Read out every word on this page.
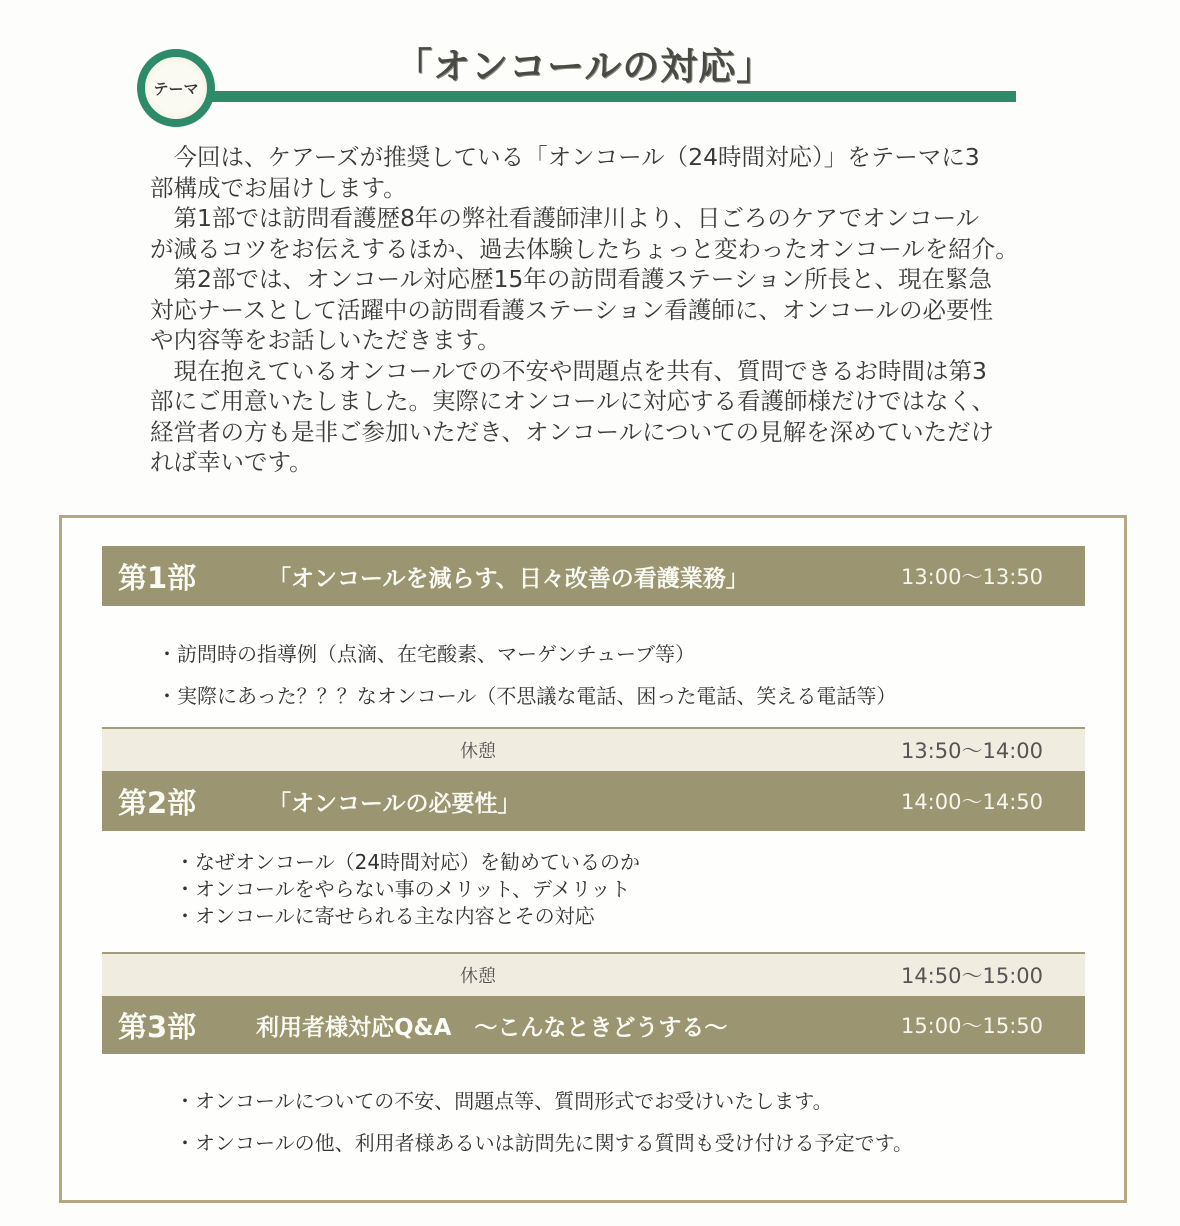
テーマ
「オンコールの対応」

　今回は、ケアーズが推奨している「オンコール（24時間対応）」をテーマに3

部構成でお届けします。

　第1部では訪問看護歴8年の弊社看護師津川より、日ごろのケアでオンコール

が減るコツをお伝えするほか、過去体験したちょっと変わったオンコールを紹介。

　第2部では、オンコール対応歴15年の訪問看護ステーション所長と、現在緊急

対応ナースとして活躍中の訪問看護ステーション看護師に、オンコールの必要性

や内容等をお話しいただきます。

　現在抱えているオンコールでの不安や問題点を共有、質問できるお時間は第3

部にご用意いたしました。実際にオンコールに対応する看護師様だけではなく、

経営者の方も是非ご参加いただき、オンコールについての見解を深めていただけ

れば幸いです。

第1部	「オンコールを減らす、日々改善の看護業務」	13:00〜13:50
・訪問時の指導例（点滴、在宅酸素、マーゲンチューブ等）
・実際にあった？？？なオンコール（不思議な電話、困った電話、笑える電話等）
休憩	13:50〜14:00
第2部	「オンコールの必要性」	14:00〜14:50
・なぜオンコール（24時間対応）を勧めているのか
・オンコールをやらない事のメリット、デメリット
・オンコールに寄せられる主な内容とその対応
休憩	14:50〜15:00
第3部	利用者様対応Q&A　〜こんなときどうする〜	15:00〜15:50
・オンコールについての不安、問題点等、質問形式でお受けいたします。
・オンコールの他、利用者様あるいは訪問先に関する質問も受け付ける予定です。
